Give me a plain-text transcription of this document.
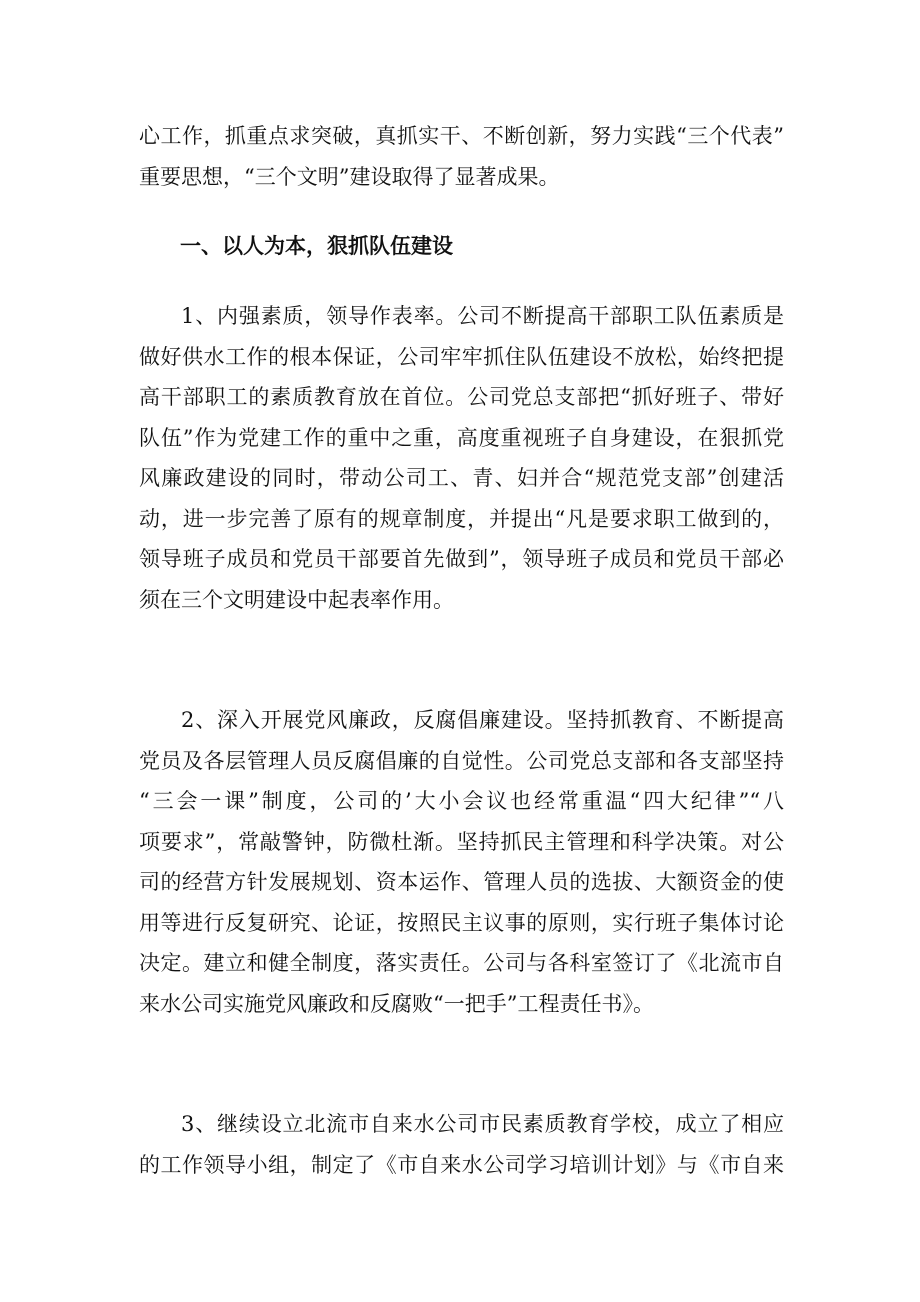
心工作，抓重点求突破，真抓实干、不断创新，努力实践“三个代表”
重要思想，“三个文明”建设取得了显著成果。
一、以人为本，狠抓队伍建设
1、内强素质，领导作表率。公司不断提高干部职工队伍素质是
做好供水工作的根本保证，公司牢牢抓住队伍建设不放松，始终把提
高干部职工的素质教育放在首位。公司党总支部把“抓好班子、带好
队伍”作为党建工作的重中之重，高度重视班子自身建设，在狠抓党
风廉政建设的同时，带动公司工、青、妇并合“规范党支部”创建活
动，进一步完善了原有的规章制度，并提出“凡是要求职工做到的，
领导班子成员和党员干部要首先做到”，领导班子成员和党员干部必
须在三个文明建设中起表率作用。
2、深入开展党风廉政，反腐倡廉建设。坚持抓教育、不断提高
党员及各层管理人员反腐倡廉的自觉性。公司党总支部和各支部坚持
“三会一课”制度，公司的’大小会议也经常重温“四大纪律”“八
项要求”，常敲警钟，防微杜渐。坚持抓民主管理和科学决策。对公
司的经营方针发展规划、资本运作、管理人员的选拔、大额资金的使
用等进行反复研究、论证，按照民主议事的原则，实行班子集体讨论
决定。建立和健全制度，落实责任。公司与各科室签订了《北流市自
来水公司实施党风廉政和反腐败“一把手”工程责任书》。
3、继续设立北流市自来水公司市民素质教育学校，成立了相应
的工作领导小组，制定了《市自来水公司学习培训计划》与《市自来
